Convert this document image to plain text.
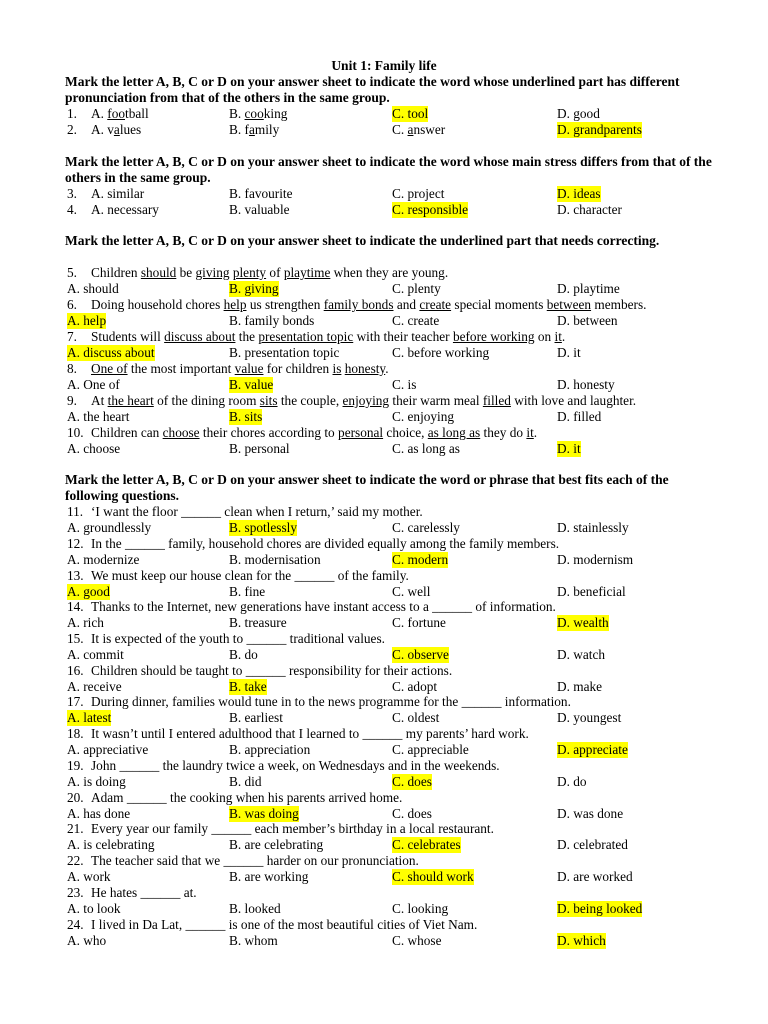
Unit 1: Family life
Mark the letter A, B, C or D on your answer sheet to indicate the word whose underlined part has different pronunciation from that of the others in the same group.
1. A. football	B. cooking	C. tool	D. good
2. A. values	B. family	C. answer	D. grandparents
Mark the letter A, B, C or D on your answer sheet to indicate the word whose main stress differs from that of the others in the same group.
3. A. similar	B. favourite	C. project	D. ideas
4. A. necessary	B. valuable	C. responsible	D. character
Mark the letter A, B, C or D on your answer sheet to indicate the underlined part that needs correcting.
5. Children should be giving plenty of playtime when they are young.
A. should	B. giving	C. plenty	D. playtime
6. Doing household chores help us strengthen family bonds and create special moments between members.
A. help	B. family bonds	C. create	D. between
7. Students will discuss about the presentation topic with their teacher before working on it.
A. discuss about	B. presentation topic	C. before working	D. it
8. One of the most important value for children is honesty.
A. One of	B. value	C. is	D. honesty
9. At the heart of the dining room sits the couple, enjoying their warm meal filled with love and laughter.
A. the heart	B. sits	C. enjoying	D. filled
10. Children can choose their chores according to personal choice, as long as they do it.
A. choose	B. personal	C. as long as	D. it
Mark the letter A, B, C or D on your answer sheet to indicate the word or phrase that best fits each of the following questions.
11. ‘I want the floor ______ clean when I return,’ said my mother.
A. groundlessly	B. spotlessly	C. carelessly	D. stainlessly
12. In the ______ family, household chores are divided equally among the family members.
A. modernize	B. modernisation	C. modern	D. modernism
13. We must keep our house clean for the ______ of the family.
A. good	B. fine	C. well	D. beneficial
14. Thanks to the Internet, new generations have instant access to a ______ of information.
A. rich	B. treasure	C. fortune	D. wealth
15. It is expected of the youth to ______ traditional values.
A. commit	B. do	C. observe	D. watch
16. Children should be taught to ______ responsibility for their actions.
A. receive	B. take	C. adopt	D. make
17. During dinner, families would tune in to the news programme for the ______ information.
A. latest	B. earliest	C. oldest	D. youngest
18. It wasn’t until I entered adulthood that I learned to ______ my parents’ hard work.
A. appreciative	B. appreciation	C. appreciable	D. appreciate
19. John ______ the laundry twice a week, on Wednesdays and in the weekends.
A. is doing	B. did	C. does	D. do
20. Adam ______ the cooking when his parents arrived home.
A. has done	B. was doing	C. does	D. was done
21. Every year our family ______ each member’s birthday in a local restaurant.
A. is celebrating	B. are celebrating	C. celebrates	D. celebrated
22. The teacher said that we ______ harder on our pronunciation.
A. work	B. are working	C. should work	D. are worked
23. He hates ______ at.
A. to look	B. looked	C. looking	D. being looked
24. I lived in Da Lat, ______ is one of the most beautiful cities of Viet Nam.
A. who	B. whom	C. whose	D. which
